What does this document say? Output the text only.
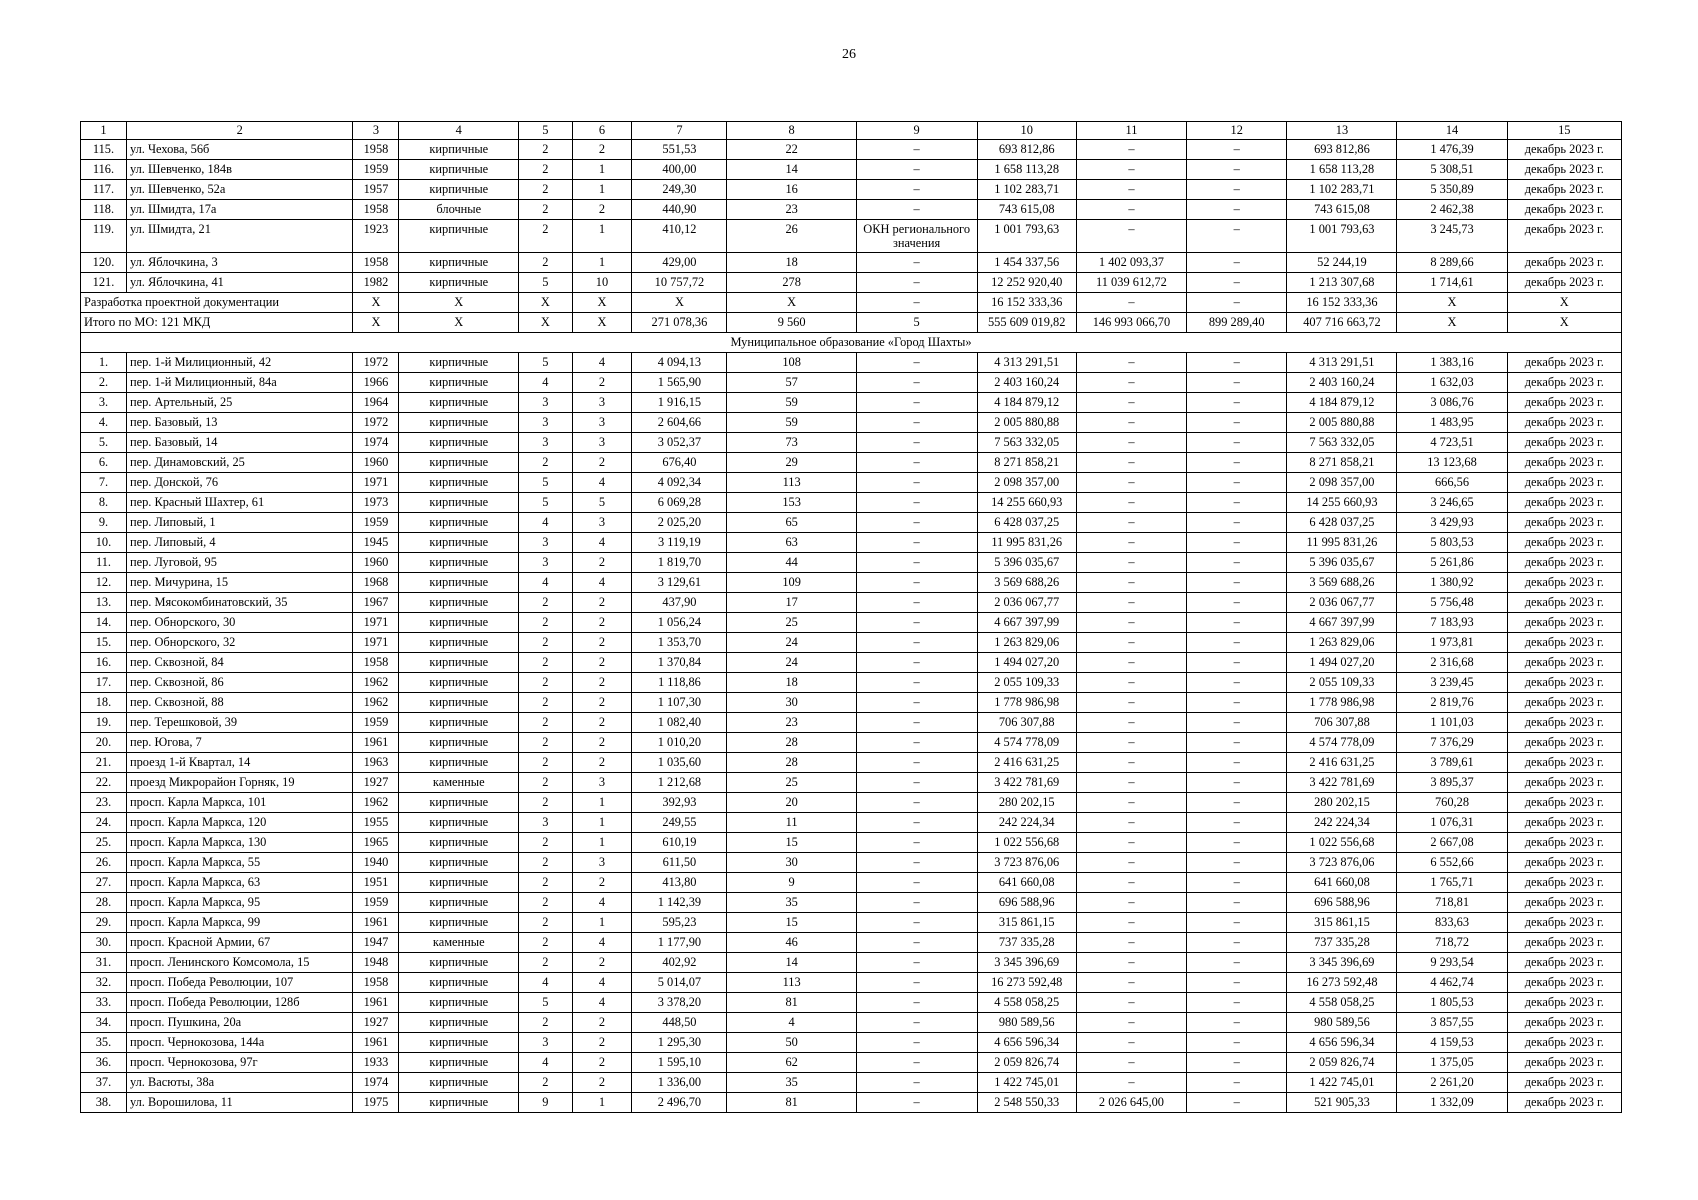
26
1	2	3	4	5	6	7	8	9	10	11	12	13	14	15
115.	ул. Чехова, 56б	1958	кирпичные	2	2	551,53	22	–	693 812,86	–	–	693 812,86	1 476,39	декабрь 2023 г.
116.	ул. Шевченко, 184в	1959	кирпичные	2	1	400,00	14	–	1 658 113,28	–	–	1 658 113,28	5 308,51	декабрь 2023 г.
117.	ул. Шевченко, 52а	1957	кирпичные	2	1	249,30	16	–	1 102 283,71	–	–	1 102 283,71	5 350,89	декабрь 2023 г.
118.	ул. Шмидта, 17а	1958	блочные	2	2	440,90	23	–	743 615,08	–	–	743 615,08	2 462,38	декабрь 2023 г.
119.	ул. Шмидта, 21	1923	кирпичные	2	1	410,12	26	ОКН регионального значения	1 001 793,63	–	–	1 001 793,63	3 245,73	декабрь 2023 г.
120.	ул. Яблочкина, 3	1958	кирпичные	2	1	429,00	18	–	1 454 337,56	1 402 093,37	–	52 244,19	8 289,66	декабрь 2023 г.
121.	ул. Яблочкина, 41	1982	кирпичные	5	10	10 757,72	278	–	12 252 920,40	11 039 612,72	–	1 213 307,68	1 714,61	декабрь 2023 г.
Разработка проектной документации		X	X	X	X	X	X	–	16 152 333,36	–	–	16 152 333,36	X	X
Итого по МО: 121 МКД		X	X	X	X	271 078,36	9 560	5	555 609 019,82	146 993 066,70	899 289,40	407 716 663,72	X	X
Муниципальное образование «Город Шахты»														
1.	пер. 1-й Милиционный, 42	1972	кирпичные	5	4	4 094,13	108	–	4 313 291,51	–	–	4 313 291,51	1 383,16	декабрь 2023 г.
2.	пер. 1-й Милиционный, 84а	1966	кирпичные	4	2	1 565,90	57	–	2 403 160,24	–	–	2 403 160,24	1 632,03	декабрь 2023 г.
3.	пер. Артельный, 25	1964	кирпичные	3	3	1 916,15	59	–	4 184 879,12	–	–	4 184 879,12	3 086,76	декабрь 2023 г.
4.	пер. Базовый, 13	1972	кирпичные	3	3	2 604,66	59	–	2 005 880,88	–	–	2 005 880,88	1 483,95	декабрь 2023 г.
5.	пер. Базовый, 14	1974	кирпичные	3	3	3 052,37	73	–	7 563 332,05	–	–	7 563 332,05	4 723,51	декабрь 2023 г.
6.	пер. Динамовский, 25	1960	кирпичные	2	2	676,40	29	–	8 271 858,21	–	–	8 271 858,21	13 123,68	декабрь 2023 г.
7.	пер. Донской, 76	1971	кирпичные	5	4	4 092,34	113	–	2 098 357,00	–	–	2 098 357,00	666,56	декабрь 2023 г.
8.	пер. Красный Шахтер, 61	1973	кирпичные	5	5	6 069,28	153	–	14 255 660,93	–	–	14 255 660,93	3 246,65	декабрь 2023 г.
9.	пер. Липовый, 1	1959	кирпичные	4	3	2 025,20	65	–	6 428 037,25	–	–	6 428 037,25	3 429,93	декабрь 2023 г.
10.	пер. Липовый, 4	1945	кирпичные	3	4	3 119,19	63	–	11 995 831,26	–	–	11 995 831,26	5 803,53	декабрь 2023 г.
11.	пер. Луговой, 95	1960	кирпичные	3	2	1 819,70	44	–	5 396 035,67	–	–	5 396 035,67	5 261,86	декабрь 2023 г.
12.	пер. Мичурина, 15	1968	кирпичные	4	4	3 129,61	109	–	3 569 688,26	–	–	3 569 688,26	1 380,92	декабрь 2023 г.
13.	пер. Мясокомбинатовский, 35	1967	кирпичные	2	2	437,90	17	–	2 036 067,77	–	–	2 036 067,77	5 756,48	декабрь 2023 г.
14.	пер. Обнорского, 30	1971	кирпичные	2	2	1 056,24	25	–	4 667 397,99	–	–	4 667 397,99	7 183,93	декабрь 2023 г.
15.	пер. Обнорского, 32	1971	кирпичные	2	2	1 353,70	24	–	1 263 829,06	–	–	1 263 829,06	1 973,81	декабрь 2023 г.
16.	пер. Сквозной, 84	1958	кирпичные	2	2	1 370,84	24	–	1 494 027,20	–	–	1 494 027,20	2 316,68	декабрь 2023 г.
17.	пер. Сквозной, 86	1962	кирпичные	2	2	1 118,86	18	–	2 055 109,33	–	–	2 055 109,33	3 239,45	декабрь 2023 г.
18.	пер. Сквозной, 88	1962	кирпичные	2	2	1 107,30	30	–	1 778 986,98	–	–	1 778 986,98	2 819,76	декабрь 2023 г.
19.	пер. Терешковой, 39	1959	кирпичные	2	2	1 082,40	23	–	706 307,88	–	–	706 307,88	1 101,03	декабрь 2023 г.
20.	пер. Югова, 7	1961	кирпичные	2	2	1 010,20	28	–	4 574 778,09	–	–	4 574 778,09	7 376,29	декабрь 2023 г.
21.	проезд 1-й Квартал, 14	1963	кирпичные	2	2	1 035,60	28	–	2 416 631,25	–	–	2 416 631,25	3 789,61	декабрь 2023 г.
22.	проезд Микрорайон Горняк, 19	1927	каменные	2	3	1 212,68	25	–	3 422 781,69	–	–	3 422 781,69	3 895,37	декабрь 2023 г.
23.	просп. Карла Маркса, 101	1962	кирпичные	2	1	392,93	20	–	280 202,15	–	–	280 202,15	760,28	декабрь 2023 г.
24.	просп. Карла Маркса, 120	1955	кирпичные	3	1	249,55	11	–	242 224,34	–	–	242 224,34	1 076,31	декабрь 2023 г.
25.	просп. Карла Маркса, 130	1965	кирпичные	2	1	610,19	15	–	1 022 556,68	–	–	1 022 556,68	2 667,08	декабрь 2023 г.
26.	просп. Карла Маркса, 55	1940	кирпичные	2	3	611,50	30	–	3 723 876,06	–	–	3 723 876,06	6 552,66	декабрь 2023 г.
27.	просп. Карла Маркса, 63	1951	кирпичные	2	2	413,80	9	–	641 660,08	–	–	641 660,08	1 765,71	декабрь 2023 г.
28.	просп. Карла Маркса, 95	1959	кирпичные	2	4	1 142,39	35	–	696 588,96	–	–	696 588,96	718,81	декабрь 2023 г.
29.	просп. Карла Маркса, 99	1961	кирпичные	2	1	595,23	15	–	315 861,15	–	–	315 861,15	833,63	декабрь 2023 г.
30.	просп. Красной Армии, 67	1947	каменные	2	4	1 177,90	46	–	737 335,28	–	–	737 335,28	718,72	декабрь 2023 г.
31.	просп. Ленинского Комсомола, 15	1948	кирпичные	2	2	402,92	14	–	3 345 396,69	–	–	3 345 396,69	9 293,54	декабрь 2023 г.
32.	просп. Победа Революции, 107	1958	кирпичные	4	4	5 014,07	113	–	16 273 592,48	–	–	16 273 592,48	4 462,74	декабрь 2023 г.
33.	просп. Победа Революции, 128б	1961	кирпичные	5	4	3 378,20	81	–	4 558 058,25	–	–	4 558 058,25	1 805,53	декабрь 2023 г.
34.	просп. Пушкина, 20а	1927	кирпичные	2	2	448,50	4	–	980 589,56	–	–	980 589,56	3 857,55	декабрь 2023 г.
35.	просп. Чернокозова, 144а	1961	кирпичные	3	2	1 295,30	50	–	4 656 596,34	–	–	4 656 596,34	4 159,53	декабрь 2023 г.
36.	просп. Чернокозова, 97г	1933	кирпичные	4	2	1 595,10	62	–	2 059 826,74	–	–	2 059 826,74	1 375,05	декабрь 2023 г.
37.	ул. Васюты, 38а	1974	кирпичные	2	2	1 336,00	35	–	1 422 745,01	–	–	1 422 745,01	2 261,20	декабрь 2023 г.
38.	ул. Ворошилова, 11	1975	кирпичные	9	1	2 496,70	81	–	2 548 550,33	2 026 645,00	–	521 905,33	1 332,09	декабрь 2023 г.
